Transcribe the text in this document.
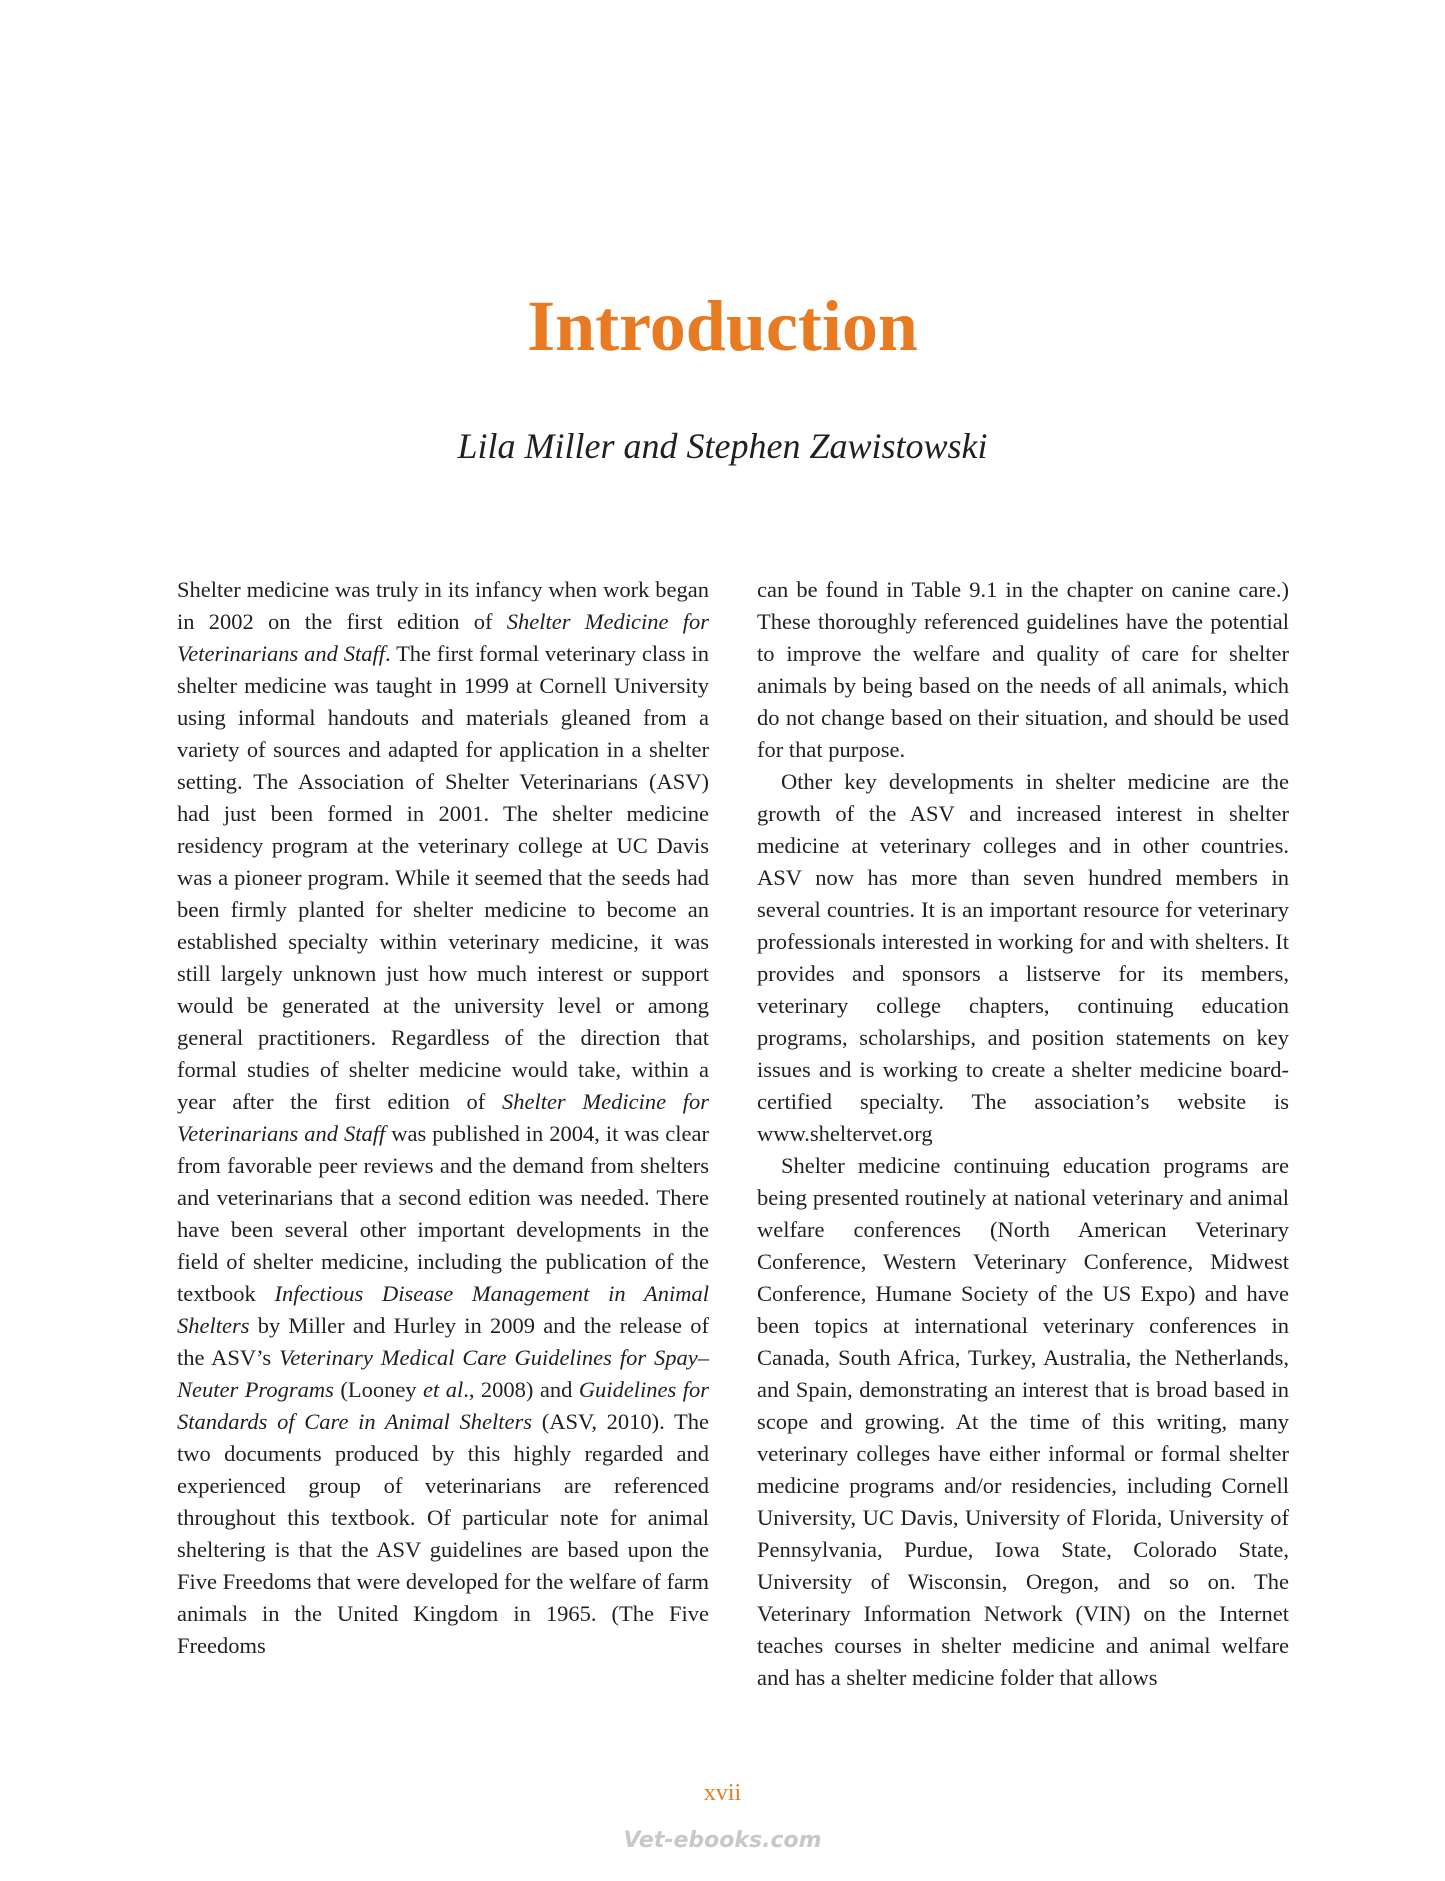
Introduction

Lila Miller and Stephen Zawistowski

Shelter medicine was truly in its infancy when work began in 2002 on the first edition of Shelter Medicine for Veterinarians and Staff. The first formal veterinary class in shelter medicine was taught in 1999 at Cornell University using informal handouts and materials gleaned from a variety of sources and adapted for application in a shelter setting. The Association of Shelter Veterinarians (ASV) had just been formed in 2001. The shelter medicine residency program at the veterinary college at UC Davis was a pioneer program. While it seemed that the seeds had been firmly planted for shelter medicine to become an established specialty within veterinary medicine, it was still largely unknown just how much interest or support would be generated at the university level or among general practitioners. Regardless of the direction that formal studies of shelter medicine would take, within a year after the first edition of Shelter Medicine for Veterinarians and Staff was published in 2004, it was clear from favorable peer reviews and the demand from shelters and veterinarians that a second edition was needed. There have been several other important developments in the field of shelter medicine, including the publication of the textbook Infectious Disease Management in Animal Shelters by Miller and Hurley in 2009 and the release of the ASV’s Veterinary Medical Care Guidelines for Spay–Neuter Programs (Looney et al., 2008) and Guidelines for Standards of Care in Animal Shelters (ASV, 2010). The two documents produced by this highly regarded and experienced group of veterinarians are referenced throughout this textbook. Of particular note for animal sheltering is that the ASV guidelines are based upon the Five Freedoms that were developed for the welfare of farm animals in the United Kingdom in 1965. (The Five Freedoms

can be found in Table 9.1 in the chapter on canine care.) These thoroughly referenced guidelines have the potential to improve the welfare and quality of care for shelter animals by being based on the needs of all animals, which do not change based on their situation, and should be used for that purpose.

Other key developments in shelter medicine are the growth of the ASV and increased interest in shelter medicine at veterinary colleges and in other countries. ASV now has more than seven hundred members in several countries. It is an important resource for veterinary professionals interested in working for and with shelters. It provides and sponsors a listserve for its members, veterinary college chapters, continuing education programs, scholarships, and position statements on key issues and is working to create a shelter medicine board-certified specialty. The association’s website is www.sheltervet.org

Shelter medicine continuing education programs are being presented routinely at national veterinary and animal welfare conferences (North American Veterinary Conference, Western Veterinary Conference, Midwest Conference, Humane Society of the US Expo) and have been topics at international veterinary conferences in Canada, South Africa, Turkey, Australia, the Netherlands, and Spain, demonstrating an interest that is broad based in scope and growing. At the time of this writing, many veterinary colleges have either informal or formal shelter medicine programs and/or residencies, including Cornell University, UC Davis, University of Florida, University of Pennsylvania, Purdue, Iowa State, Colorado State, University of Wisconsin, Oregon, and so on. The Veterinary Information Network (VIN) on the Internet teaches courses in shelter medicine and animal welfare and has a shelter medicine folder that allows

xvii

Vet-ebooks.com
